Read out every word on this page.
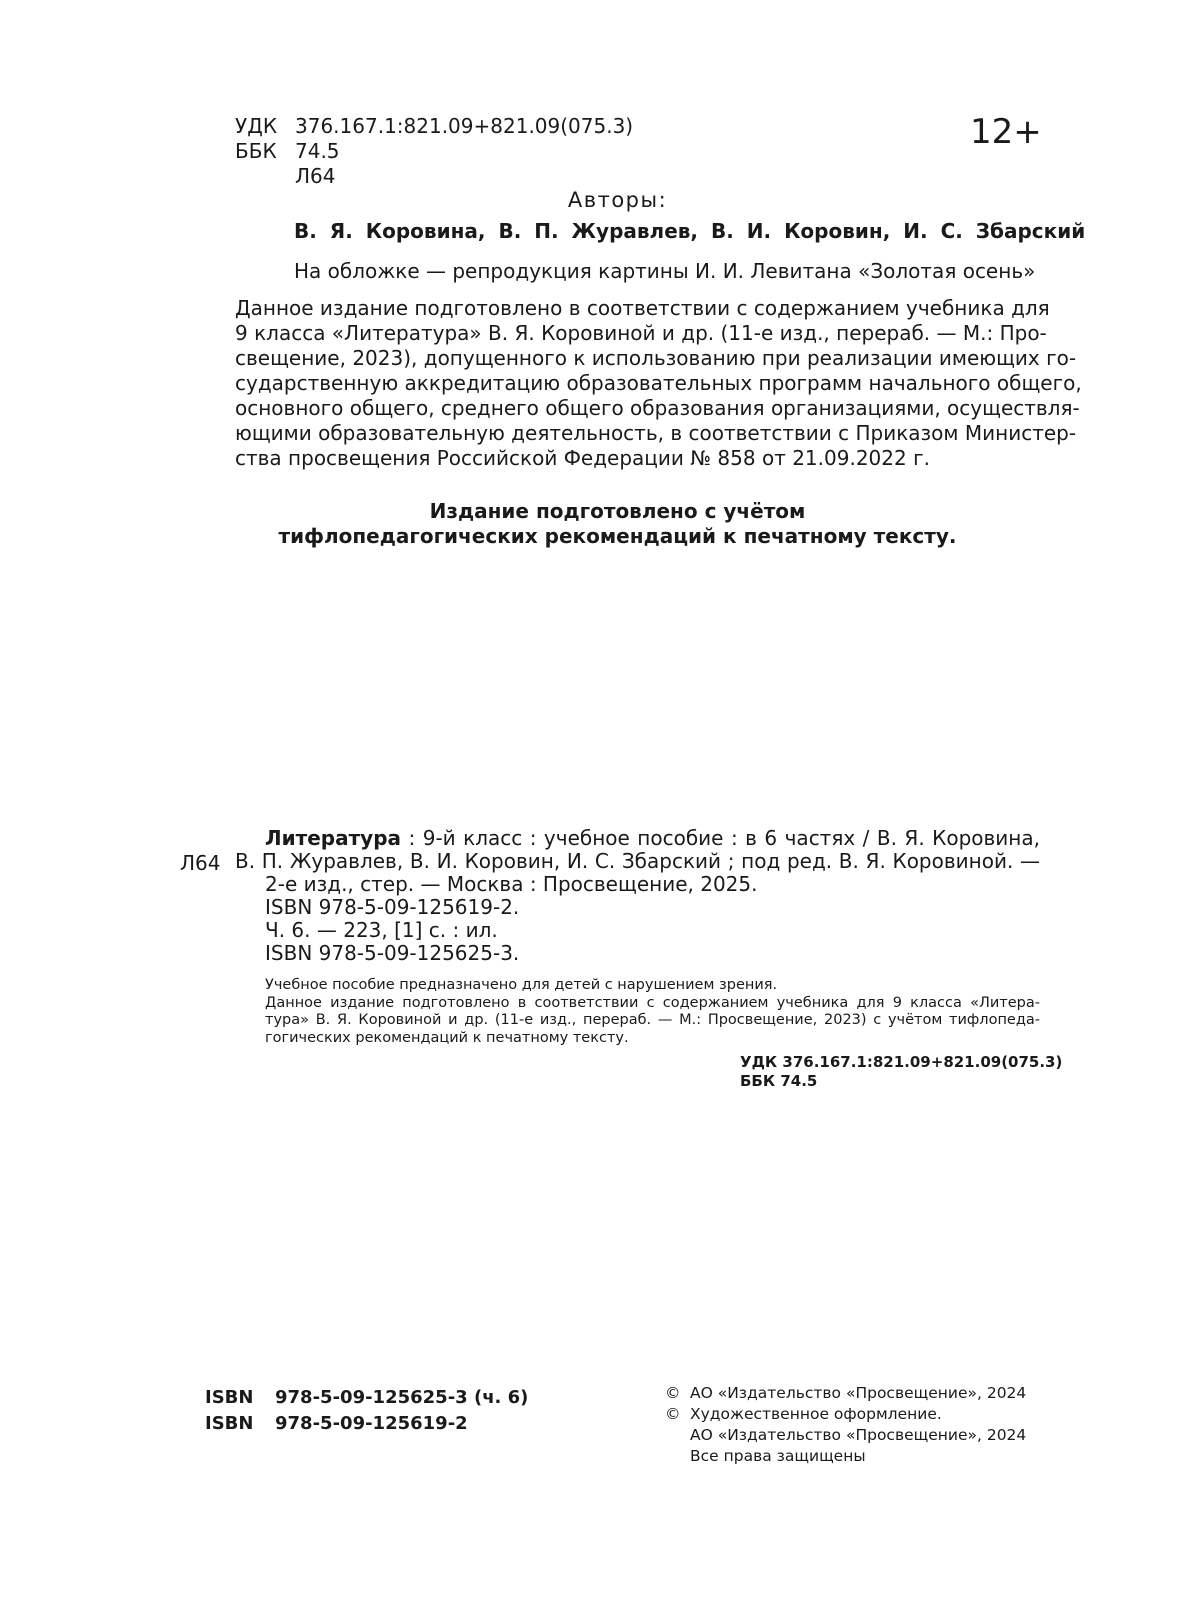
УДК 376.167.1:821.09+821.09(075.3)
ББК 74.5
Л64
12+
Авторы:
В. Я. Коровина, В. П. Журавлев, В. И. Коровин, И. С. Збарский
На обложке — репродукция картины И. И. Левитана «Золотая осень»
Данное издание подготовлено в соответствии с содержанием учебника для
9 класса «Литература» В. Я. Коровиной и др. (11-е изд., перераб. — М.: Про-
свещение, 2023), допущенного к использованию при реализации имеющих го-
сударственную аккредитацию образовательных программ начального общего,
основного общего, среднего общего образования организациями, осуществля-
ющими образовательную деятельность, в соответствии с Приказом Министер-
ства просвещения Российской Федерации № 858 от 21.09.2022 г.
Издание подготовлено с учётом
тифлопедагогических рекомендаций к печатному тексту.
Л64
Литература : 9-й класс : учебное пособие : в 6 частях / В. Я. Коровина,
В. П. Журавлев, В. И. Коровин, И. С. Збарский ; под ред. В. Я. Коровиной. —
2-е изд., стер. — Москва : Просвещение, 2025.
ISBN 978-5-09-125619-2.
Ч. 6. — 223, [1] с. : ил.
ISBN 978-5-09-125625-3.
Учебное пособие предназначено для детей с нарушением зрения.
Данное издание подготовлено в соответствии с содержанием учебника для 9 класса «Литера-
тура» В. Я. Коровиной и др. (11-е изд., перераб. — М.: Просвещение, 2023) с учётом тифлопеда-
гогических рекомендаций к печатному тексту.
УДК 376.167.1:821.09+821.09(075.3)
ББК 74.5
ISBN 978-5-09-125625-3 (ч. 6)
ISBN 978-5-09-125619-2
© АО «Издательство «Просвещение», 2024
© Художественное оформление.
АО «Издательство «Просвещение», 2024
Все права защищены
